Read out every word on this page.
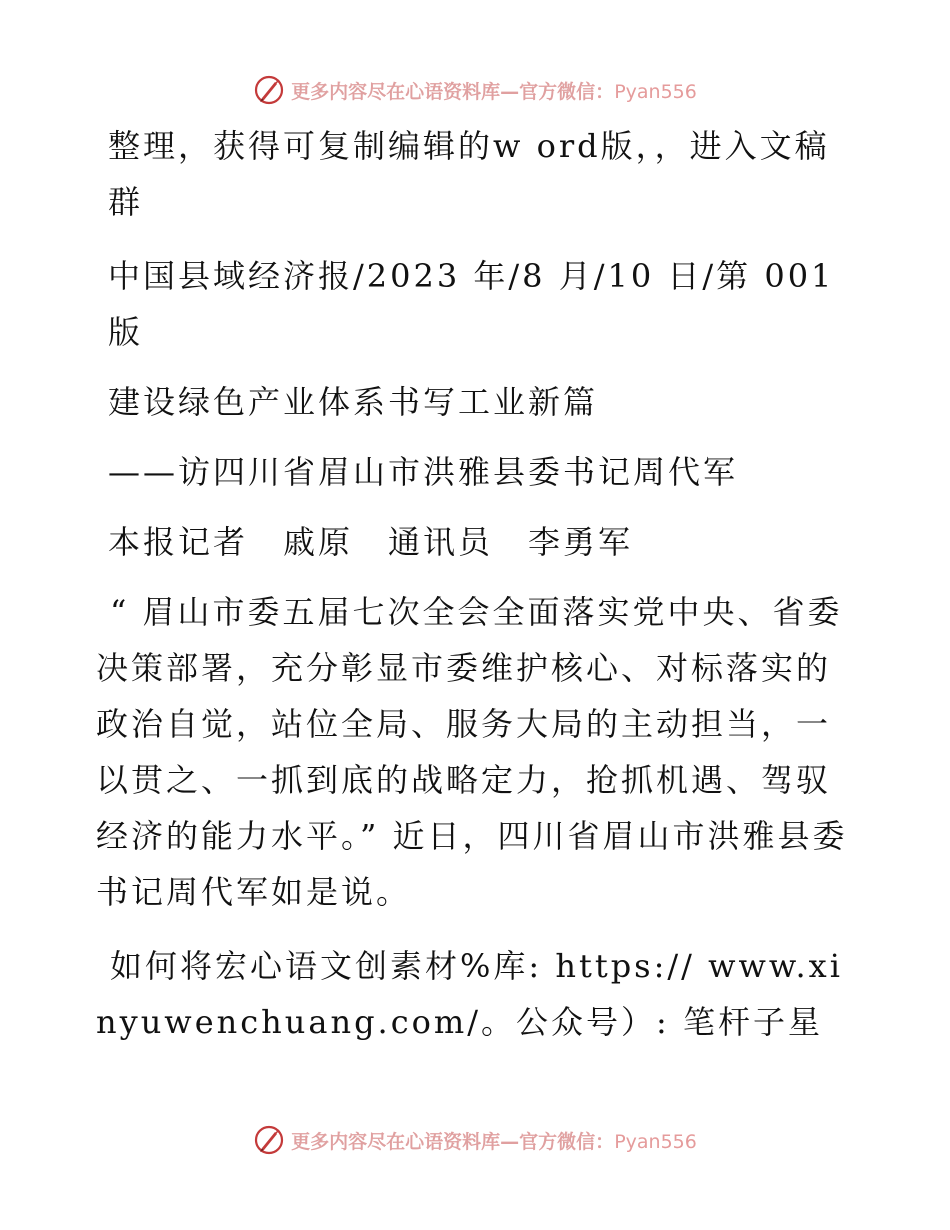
更多内容尽在心语资料库—官方微信：Pyan556

整理，获得可复制编辑的w ord版，，进入文稿群

中国县域经济报/2023 年/8 月/10 日/第 001 版

建设绿色产业体系书写工业新篇

——访四川省眉山市洪雅县委书记周代军

本报记者　戚原　通讯员　李勇军

“ 眉山市委五届七次全会全面落实党中央、省委决策部署，充分彰显市委维护核心、对标落实的政治自觉，站位全局、服务大局的主动担当，一以贯之、一抓到底的战略定力，抢抓机遇、驾驭经济的能力水平。” 近日，四川省眉山市洪雅县委书记周代军如是说。

如何将宏心语文创素材%库: https:// www.xinyuwenchuang.com/。公众号）: 笔杆子星

更多内容尽在心语资料库—官方微信：Pyan556
